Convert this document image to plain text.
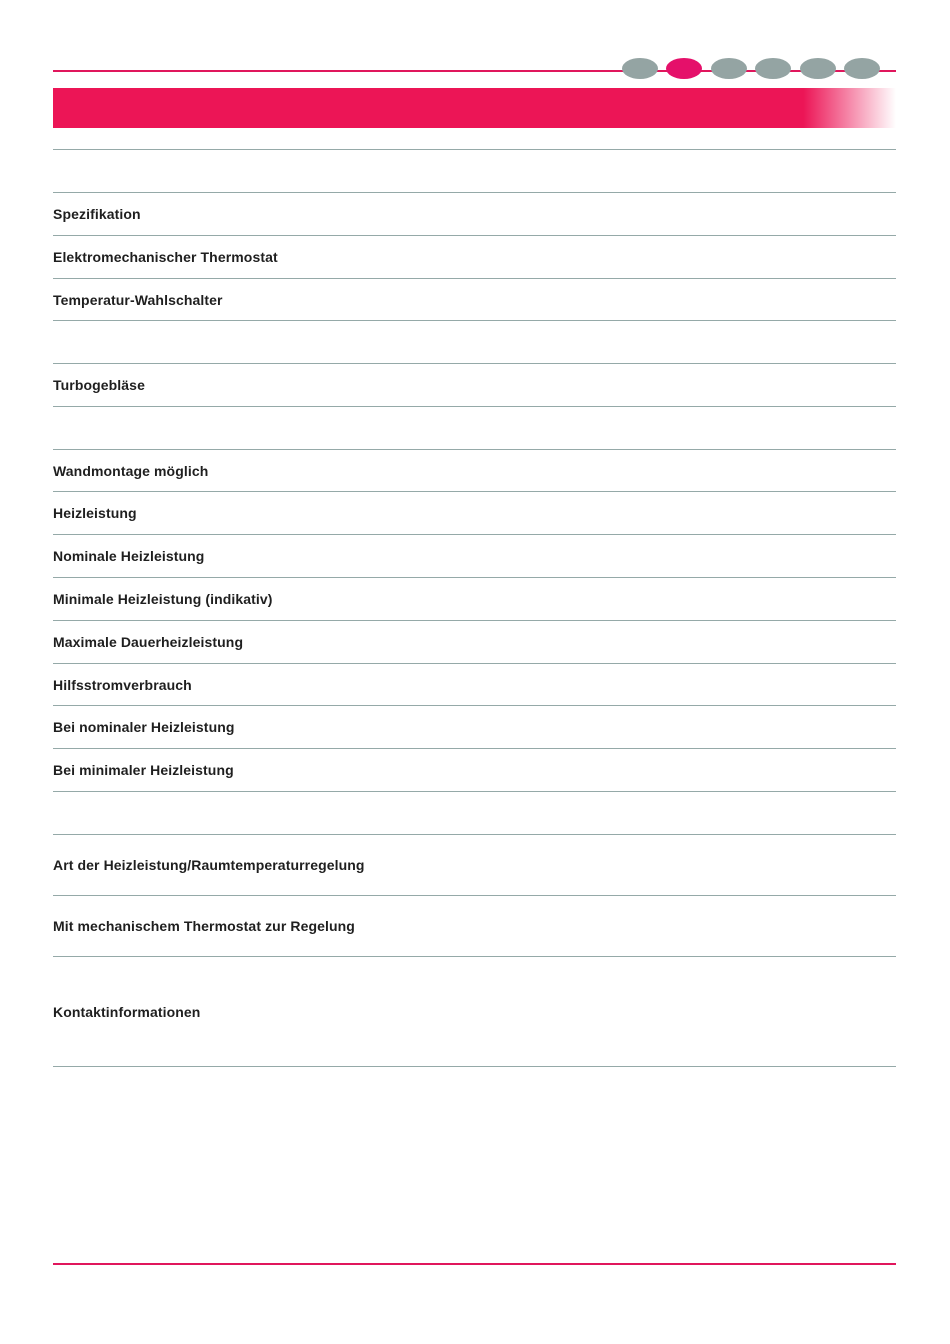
Spezifikation
Elektromechanischer Thermostat
Temperatur-Wahlschalter
Turbogebläse
Wandmontage möglich
Heizleistung
Nominale Heizleistung
Minimale Heizleistung (indikativ)
Maximale Dauerheizleistung
Hilfsstromverbrauch
Bei nominaler Heizleistung
Bei minimaler Heizleistung
Art der Heizleistung/Raumtemperaturregelung
Mit mechanischem Thermostat zur Regelung
Kontaktinformationen
